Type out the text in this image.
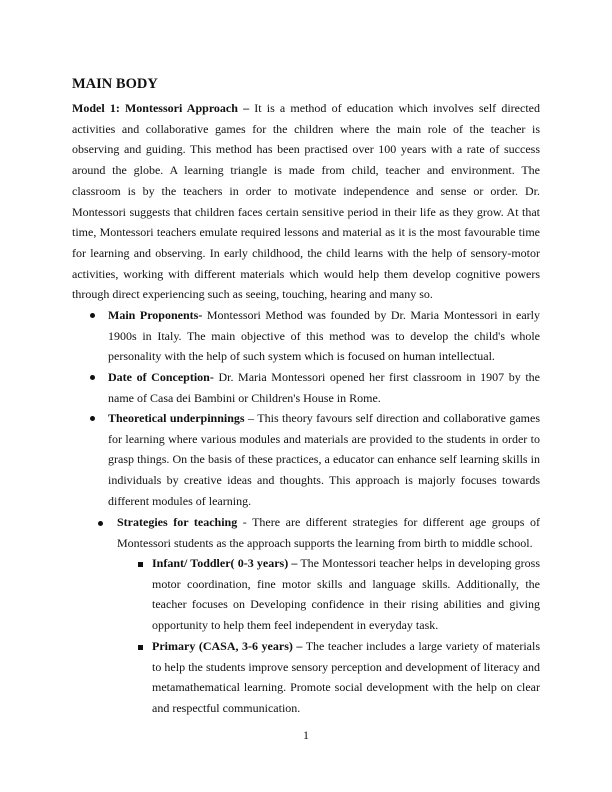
MAIN BODY
Model 1: Montessori Approach – It is a method of education which involves self directed activities and collaborative games for the children where the main role of the teacher is observing and guiding. This method has been practised over 100 years with a rate of success around the globe. A learning triangle is made from child, teacher and environment. The classroom is by the teachers in order to motivate independence and sense or order. Dr. Montessori suggests that children faces certain sensitive period in their life as they grow. At that time, Montessori teachers emulate required lessons and material as it is the most favourable time for learning and observing. In early childhood, the child learns with the help of sensory-motor activities, working with different materials which would help them develop cognitive powers through direct experiencing such as seeing, touching, hearing and many so.
Main Proponents- Montessori Method was founded by Dr. Maria Montessori in early 1900s in Italy. The main objective of this method was to develop the child's whole personality with the help of such system which is focused on human intellectual.
Date of Conception- Dr. Maria Montessori opened her first classroom in 1907 by the name of Casa dei Bambini or Children's House in Rome.
Theoretical underpinnings – This theory favours self direction and collaborative games for learning where various modules and materials are provided to the students in order to grasp things. On the basis of these practices, a educator can enhance self learning skills in individuals by creative ideas and thoughts. This approach is majorly focuses towards different modules of learning.
Strategies for teaching - There are different strategies for different age groups of Montessori students as the approach supports the learning from birth to middle school.
Infant/ Toddler( 0-3 years) – The Montessori teacher helps in developing gross motor coordination, fine motor skills and language skills. Additionally, the teacher focuses on Developing confidence in their rising abilities and giving opportunity to help them feel independent in everyday task.
Primary (CASA, 3-6 years) – The teacher includes a large variety of materials to help the students improve sensory perception and development of literacy and metamathematical learning. Promote social development with the help on clear and respectful communication.
1
